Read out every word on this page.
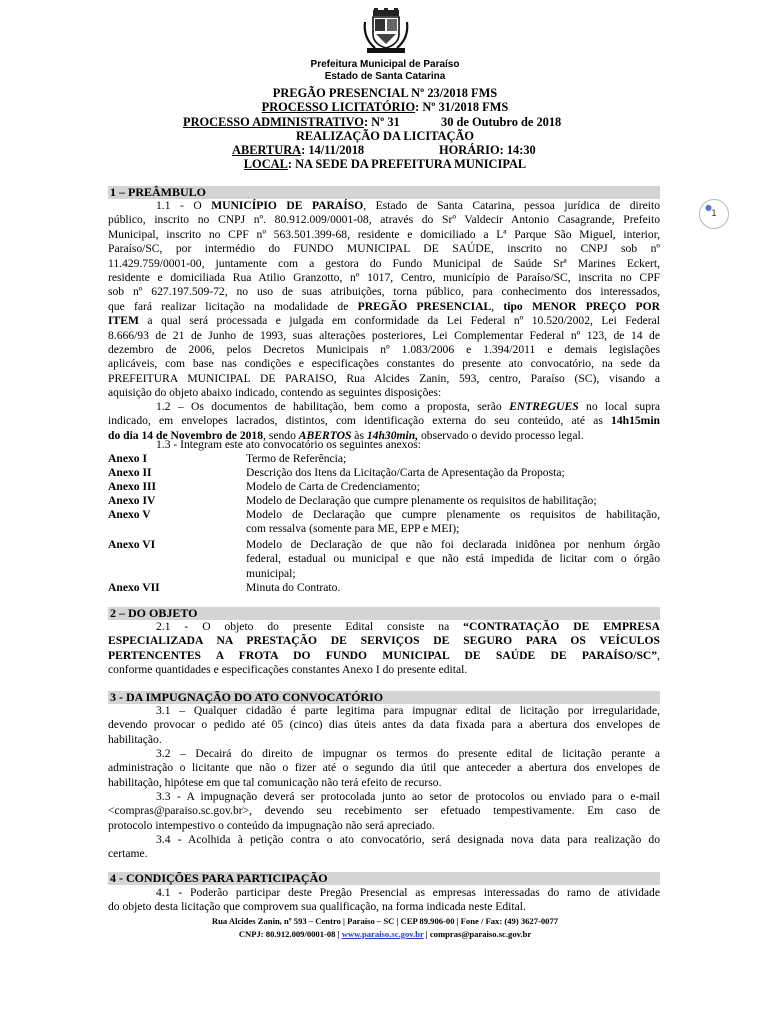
Prefeitura Municipal de Paraíso
Estado de Santa Catarina
PREGÃO PRESENCIAL Nº 23/2018 FMS
PROCESSO LICITATÓRIO: Nº 31/2018 FMS
PROCESSO ADMINISTRATIVO: Nº 31	30 de Outubro de 2018
REALIZAÇÃO DA LICITAÇÃO
ABERTURA: 14/11/2018	HORÁRIO: 14:30
LOCAL: NA SEDE DA PREFEITURA MUNICIPAL
●
1
1 – PREÂMBULO
1.1 - O MUNICÍPIO DE PARAÍSO, Estado de Santa Catarina, pessoa jurídica de direito
público, inscrito no CNPJ nº. 80.912.009/0001-08, através do Srº Valdecir Antonio Casagrande, Prefeito
Municipal, inscrito no CPF nº 563.501.399-68, residente e domiciliado a Lª Parque São Miguel, interior,
Paraíso/SC, por intermédio do FUNDO MUNICIPAL DE SAÚDE, inscrito no CNPJ sob nº
11.429.759/0001-00, juntamente com a gestora do Fundo Municipal de Saúde Srª Marines Eckert,
residente e domiciliada Rua Atilio Granzotto, nº 1017, Centro, município de Paraíso/SC, inscrita no CPF
sob nº 627.197.509-72, no uso de suas atribuições, torna público, para conhecimento dos interessados,
que fará realizar licitação na modalidade de PREGÃO PRESENCIAL, tipo MENOR PREÇO POR
ITEM a qual será processada e julgada em conformidade da Lei Federal nº 10.520/2002, Lei Federal
8.666/93 de 21 de Junho de 1993, suas alterações posteriores, Lei Complementar Federal nº 123, de 14 de
dezembro de 2006, pelos Decretos Municipais nº 1.083/2006 e 1.394/2011 e demais legislações
aplicáveis, com base nas condições e especificações constantes do presente ato convocatório, na sede da
PREFEITURA MUNICIPAL DE PARAISO, Rua Alcides Zanin, 593, centro, Paraíso (SC), visando a
aquisição do objeto abaixo indicado, contendo as seguintes disposições:
1.2 – Os documentos de habilitação, bem como a proposta, serão ENTREGUES no local supra
indicado, em envelopes lacrados, distintos, com identificação externa do seu conteúdo, até as 14h15min
do dia 14 de Novembro de 2018, sendo ABERTOS às 14h30min, observado o devido processo legal.
1.3 - Integram este ato convocatório os seguintes anexos:
Anexo I	Termo de Referência;
Anexo II	Descrição dos Itens da Licitação/Carta de Apresentação da Proposta;
Anexo III	Modelo de Carta de Credenciamento;
Anexo IV	Modelo de Declaração que cumpre plenamente os requisitos de habilitação;
Anexo V	Modelo de Declaração que cumpre plenamente os requisitos de habilitação,
com ressalva (somente para ME, EPP e MEI);
Anexo VI	Modelo de Declaração de que não foi declarada inidônea por nenhum órgão
federal, estadual ou municipal e que não está impedida de licitar com o órgão
municipal;
Anexo VII	Minuta do Contrato.
2 – DO OBJETO
2.1 - O objeto do presente Edital consiste na “CONTRATAÇÃO DE EMPRESA
ESPECIALIZADA NA PRESTAÇÃO DE SERVIÇOS DE SEGURO PARA OS VEÍCULOS
PERTENCENTES A FROTA DO FUNDO MUNICIPAL DE SAÚDE DE PARAÍSO/SC”,
conforme quantidades e especificações constantes Anexo I do presente edital.
3 - DA IMPUGNAÇÃO DO ATO CONVOCATÓRIO
3.1 – Qualquer cidadão é parte legitima para impugnar edital de licitação por irregularidade,
devendo provocar o pedido até 05 (cinco) dias úteis antes da data fixada para a abertura dos envelopes de
habilitação.
3.2 – Decairá do direito de impugnar os termos do presente edital de licitação perante a
administração o licitante que não o fizer até o segundo dia útil que anteceder a abertura dos envelopes de
habilitação, hipótese em que tal comunicação não terá efeito de recurso.
3.3 - A impugnação deverá ser protocolada junto ao setor de protocolos ou enviado para o e-mail
<compras@paraiso.sc.gov.br>, devendo seu recebimento ser efetuado tempestivamente. Em caso de
protocolo intempestivo o conteúdo da impugnação não será apreciado.
3.4 - Acolhida à petição contra o ato convocatório, será designada nova data para realização do
certame.
4 - CONDIÇÕES PARA PARTICIPAÇÃO
4.1 - Poderão participar deste Pregão Presencial as empresas interessadas do ramo de atividade
do objeto desta licitação que comprovem sua qualificação, na forma indicada neste Edital.
Rua Alcides Zanin, nº 593 – Centro | Paraíso – SC | CEP 89.906-00 | Fone / Fax: (49) 3627-0077
CNPJ: 80.912.009/0001-08 | www.paraiso.sc.gov.br | compras@paraiso.sc.gov.br
